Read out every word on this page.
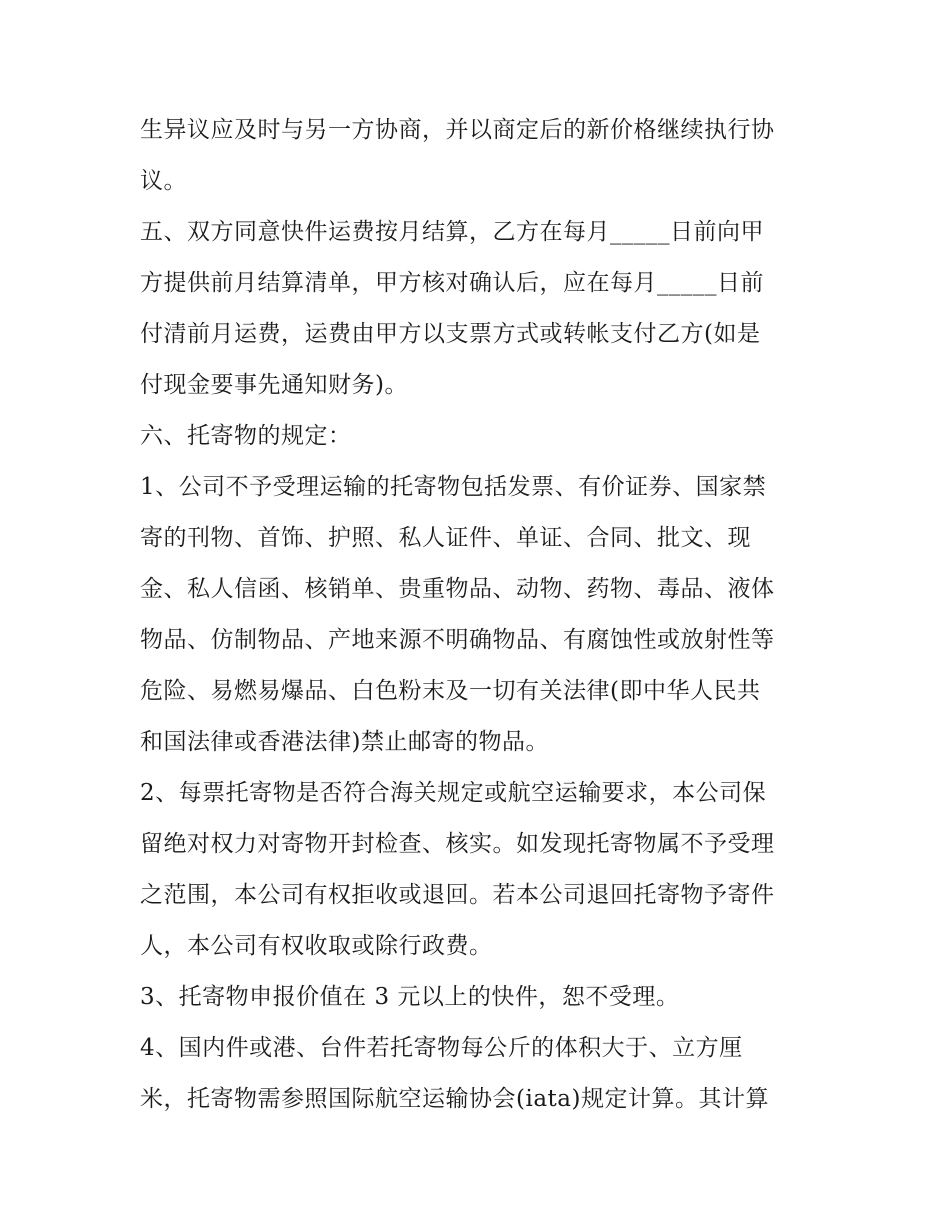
生异议应及时与另一方协商，并以商定后的新价格继续执行协
议。
五、双方同意快件运费按月结算，乙方在每月_____日前向甲
方提供前月结算清单，甲方核对确认后，应在每月_____日前
付清前月运费，运费由甲方以支票方式或转帐支付乙方(如是
付现金要事先通知财务)。
六、托寄物的规定：
1、公司不予受理运输的托寄物包括发票、有价证券、国家禁
寄的刊物、首饰、护照、私人证件、单证、合同、批文、现
金、私人信函、核销单、贵重物品、动物、药物、毒品、液体
物品、仿制物品、产地来源不明确物品、有腐蚀性或放射性等
危险、易燃易爆品、白色粉末及一切有关法律(即中华人民共
和国法律或香港法律)禁止邮寄的物品。
2、每票托寄物是否符合海关规定或航空运输要求，本公司保
留绝对权力对寄物开封检查、核实。如发现托寄物属不予受理
之范围，本公司有权拒收或退回。若本公司退回托寄物予寄件
人，本公司有权收取或除行政费。
3、托寄物申报价值在 3 元以上的快件，恕不受理。
4、国内件或港、台件若托寄物每公斤的体积大于、立方厘
米，托寄物需参照国际航空运输协会(iata)规定计算。其计算
